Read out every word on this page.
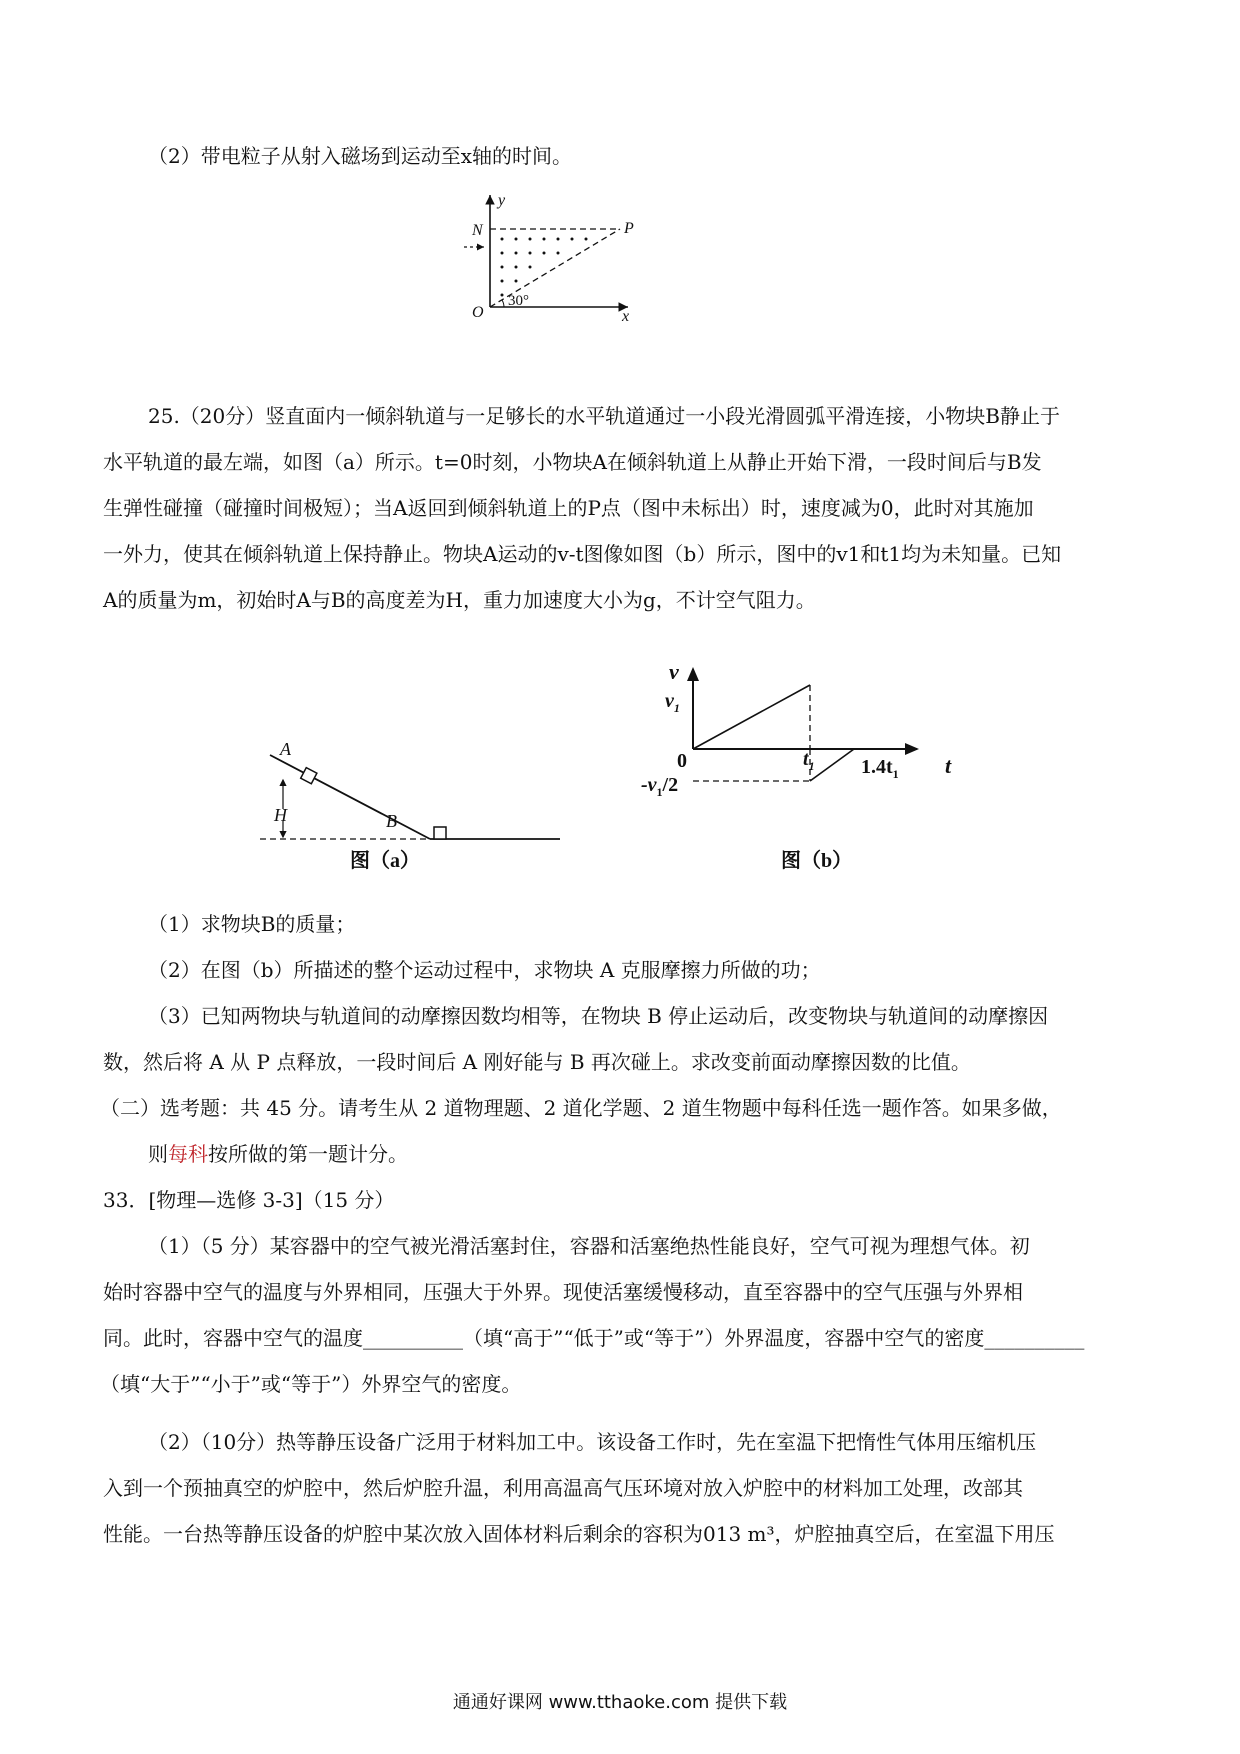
（2）带电粒子从射入磁场到运动至x轴的时间。
y
N	P
O	x
30°
25.（20分）竖直面内一倾斜轨道与一足够长的水平轨道通过一小段光滑圆弧平滑连接，小物块B静止于
水平轨道的最左端，如图（a）所示。t=0时刻，小物块A在倾斜轨道上从静止开始下滑，一段时间后与B发
生弹性碰撞（碰撞时间极短）；当A返回到倾斜轨道上的P点（图中未标出）时，速度减为0，此时对其施加
一外力，使其在倾斜轨道上保持静止。物块A运动的v-t图像如图（b）所示，图中的v1和t1均为未知量。已知
A的质量为m，初始时A与B的高度差为H，重力加速度大小为g，不计空气阻力。
A
H	B
图（a）
v
$v_1$
0
$-v_1/2$
$t_1$ $1.4t_1$ t
图（b）
（1）求物块B的质量；
（2）在图（b）所描述的整个运动过程中，求物块 A 克服摩擦力所做的功；
（3）已知两物块与轨道间的动摩擦因数均相等，在物块 B 停止运动后，改变物块与轨道间的动摩擦因
数，然后将 A 从 P 点释放，一段时间后 A 刚好能与 B 再次碰上。求改变前面动摩擦因数的比值。
（二）选考题：共 45 分。请考生从 2 道物理题、2 道化学题、2 道生物题中每科任选一题作答。如果多做，
则每科按所做的第一题计分。
33．[物理—选修 3-3]（15 分）
（1）（5 分）某容器中的空气被光滑活塞封住，容器和活塞绝热性能良好，空气可视为理想气体。初
始时容器中空气的温度与外界相同，压强大于外界。现使活塞缓慢移动，直至容器中的空气压强与外界相
同。此时，容器中空气的温度__________（填“高于”“低于”或“等于”）外界温度，容器中空气的密度__________
（填“大于”“小于”或“等于”）外界空气的密度。
（2）（10分）热等静压设备广泛用于材料加工中。该设备工作时，先在室温下把惰性气体用压缩机压
入到一个预抽真空的炉腔中，然后炉腔升温，利用高温高气压环境对放入炉腔中的材料加工处理，改部其
性能。一台热等静压设备的炉腔中某次放入固体材料后剩余的容积为013 m³，炉腔抽真空后，在室温下用压
通通好课网 www.tthaoke.com 提供下载
